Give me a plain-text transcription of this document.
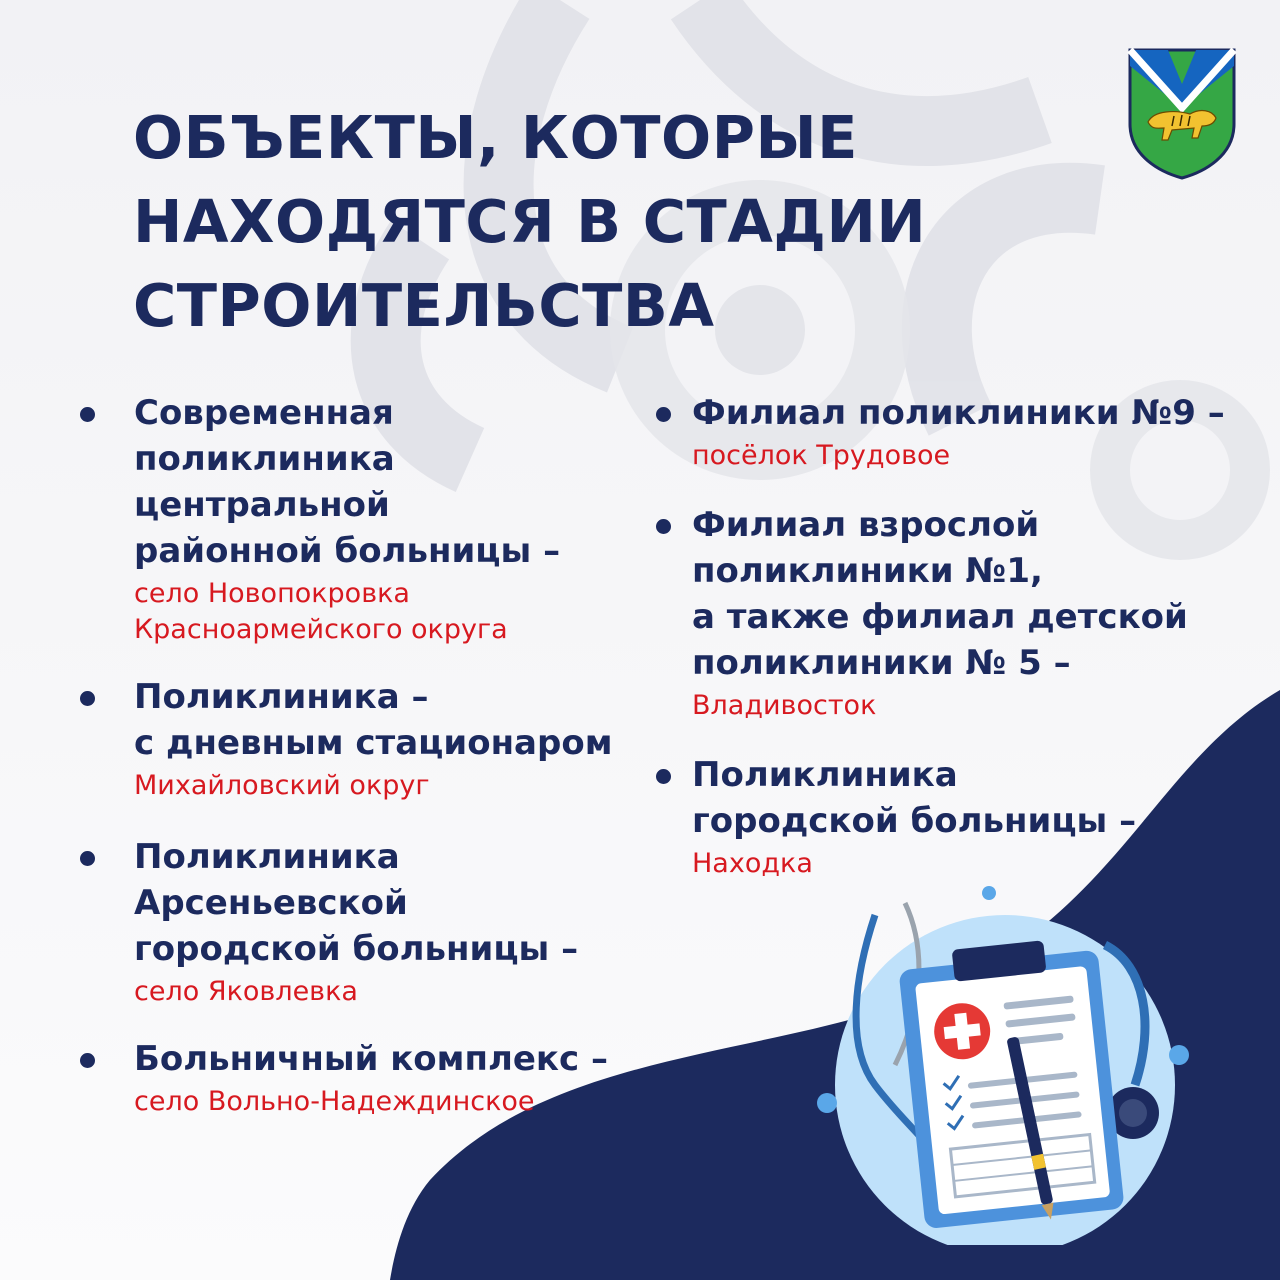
ОБЪЕКТЫ, КОТОРЫЕ
НАХОДЯТСЯ В СТАДИИ
СТРОИТЕЛЬСТВА
Современная
поликлиника
центральной
районной больницы –
село Новопокровка
Красноармейского округа
Поликлиника –
с дневным стационаром
Михайловский округ
Поликлиника
Арсеньевской
городской больницы –
село Яковлевка
Больничный комплекс –
село Вольно-Надеждинское
Филиал поликлиники №9 –
посёлок Трудовое
Филиал взрослой
поликлиники №1,
а также филиал детской
поликлиники № 5 –
Владивосток
Поликлиника
городской больницы –
Находка
